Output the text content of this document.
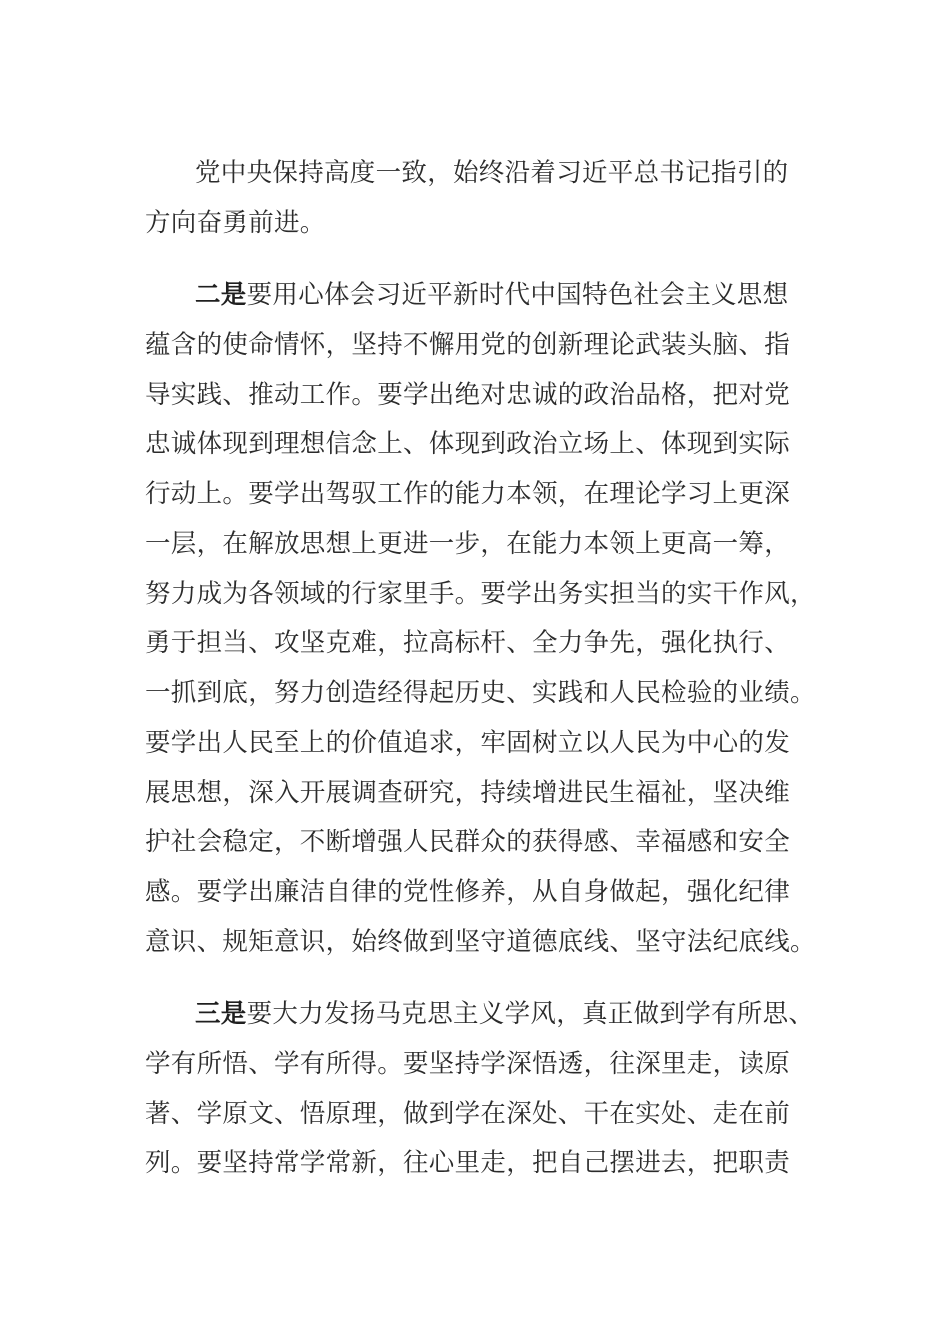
党中央保持高度一致，始终沿着习近平总书记指引的
方向奋勇前进。
二是要用心体会习近平新时代中国特色社会主义思想
蕴含的使命情怀，坚持不懈用党的创新理论武装头脑、指
导实践、推动工作。要学出绝对忠诚的政治品格，把对党
忠诚体现到理想信念上、体现到政治立场上、体现到实际
行动上。要学出驾驭工作的能力本领，在理论学习上更深
一层，在解放思想上更进一步，在能力本领上更高一筹，
努力成为各领域的行家里手。要学出务实担当的实干作风，
勇于担当、攻坚克难，拉高标杆、全力争先，强化执行、
一抓到底，努力创造经得起历史、实践和人民检验的业绩。
要学出人民至上的价值追求，牢固树立以人民为中心的发
展思想，深入开展调查研究，持续增进民生福祉，坚决维
护社会稳定，不断增强人民群众的获得感、幸福感和安全
感。要学出廉洁自律的党性修养，从自身做起，强化纪律
意识、规矩意识，始终做到坚守道德底线、坚守法纪底线。
三是要大力发扬马克思主义学风，真正做到学有所思、
学有所悟、学有所得。要坚持学深悟透，往深里走，读原
著、学原文、悟原理，做到学在深处、干在实处、走在前
列。要坚持常学常新，往心里走，把自己摆进去，把职责
